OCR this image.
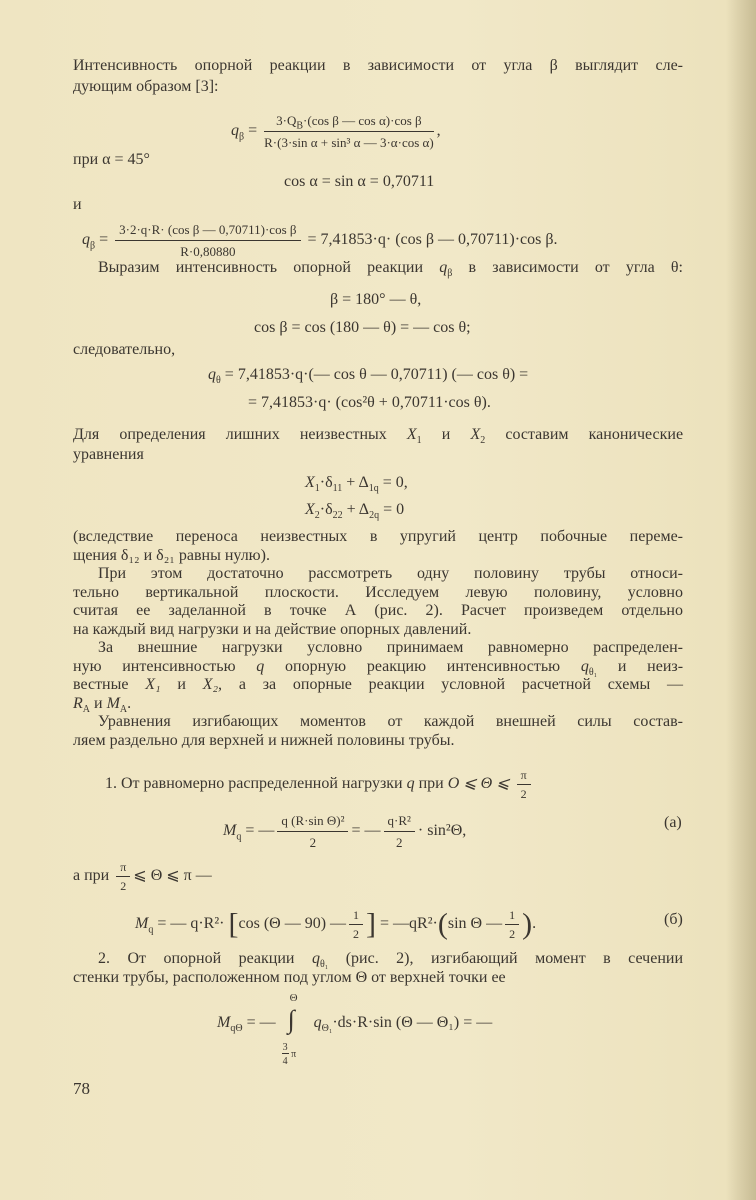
Интенсивность опорной реакции в зависимости от угла β выглядит сле-
дующим образом [3]:
$q_\beta = \frac{3\cdot Q_B\cdot(\cos \beta — \cos \alpha)\cdot\cos \beta}{\text{R·(3·sin α + sin³ α — 3·α·cos α)}}$ ,
при α = 45°
cos α = sin α = 0,70711
и
$q_\beta = \frac{\text{3·2·q·R· (cos β — 0,70711)·cos β}}{R\cdot 0,80880} = 7,41853\cdot q\cdot (\cos$ β — 0,70711)·cos β.
Выразим интенсивность опорной реакции $q_\beta$ в зависимости от угла θ:
β = 180° — θ,
cos β = cos (180 — θ) = — cos θ;
следовательно,
$q_\theta$ = 7,41853·q·(— cos θ — 0,70711) (— cos θ) =
= 7,41853·q· (cos²θ + 0,70711·cos θ).
Для определения лишних неизвестных $X_1$ и $X_2$ составим канонические
уравнения
$X_1\cdot\delta_{11} + \Delta_{1q} = 0$,
$X_2\cdot\delta_{22} + \Delta_{2q} = 0$
(вследствие переноса неизвестных в упругий центр побочные переме-
щения δ₁₂ и δ₂₁ равны нулю).
При этом достаточно рассмотреть одну половину трубы относи-
тельно вертикальной плоскости. Исследуем левую половину, условно
считая ее заделанной в точке А (рис. 2). Расчет произведем отдельно
на каждый вид нагрузки и на действие опорных давлений.
За внешние нагрузки условно принимаем равномерно распределен-
ную интенсивностью q опорную реакцию интенсивностью $q_{\theta_1}$ и неиз-
вестные X₁ и X₂, а за опорные реакции условной расчетной схемы —
$R_A$ и $M_A$.
Уравнения изгибающих моментов от каждой внешней силы состав-
ляем раздельно для верхней и нижней половины трубы.
1. От равномерно распределенной нагрузки q при O ⩽ Θ ⩽ $\frac{\pi}{2}$
$M_q$ = — $\frac{\text{q (R·sin Θ)²}}{2}$ = — $\frac{\text{q·R²}}{2} \cdot \sin^2\Theta$,	(а)
а при $\frac{\pi}{2}$ ⩽ Θ ⩽ π —
$M_q$ = — q·R²· [cos (Θ — 90) — $\frac{1}{2}$ ] = —qR²·(sin Θ — $\frac{1}{2}$ ).	(б)
2. От опорной реакции $q_{\theta_1}$ (рис. 2), изгибающий момент в сечении
стенки трубы, расположенном под углом Θ от верхней точки ее
$M_{q\Theta}$ = — ∫
Θ
$\frac{3}{4}$ π
$q_{\Theta_1}\cdot ds\cdot R\cdot\sin$ (Θ — Θ₁) = —
78
